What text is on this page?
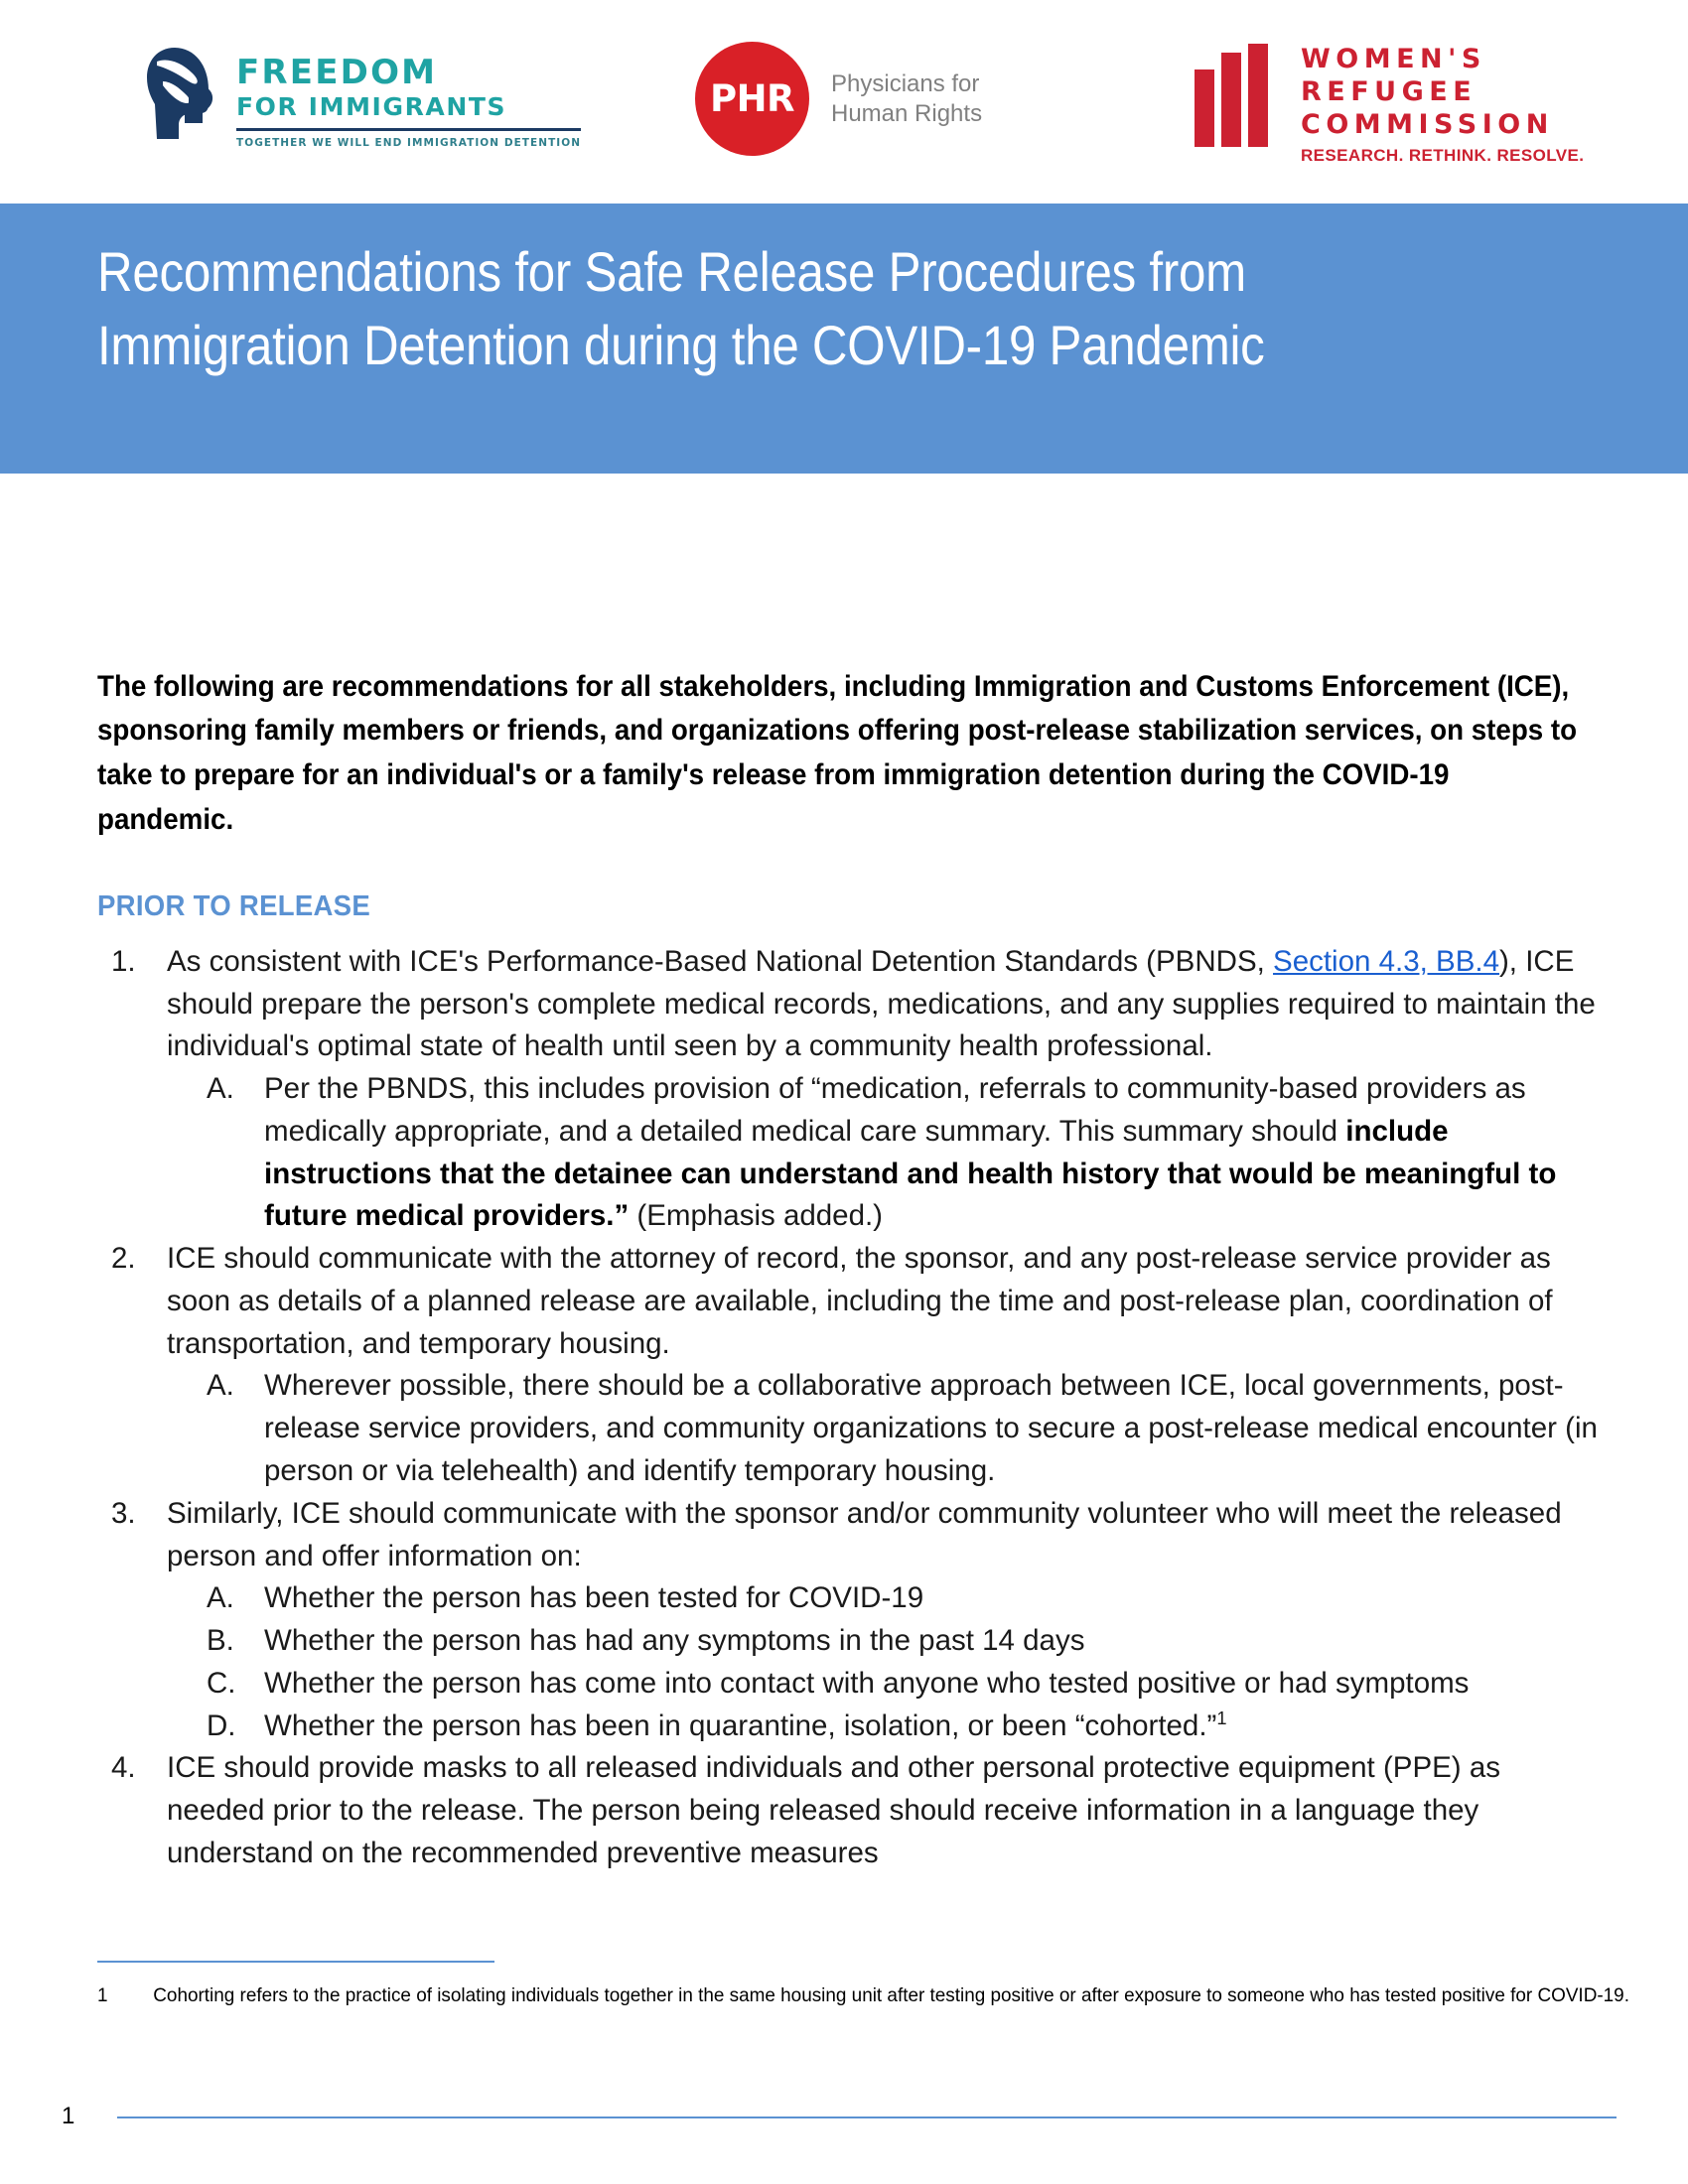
FREEDOM
FOR IMMIGRANTS
TOGETHER WE WILL END IMMIGRATION DETENTION
PHR Physicians for
Human Rights
WOMEN'S
REFUGEE
COMMISSION
RESEARCH. RETHINK. RESOLVE.
Recommendations for Safe Release Procedures from
Immigration Detention during the COVID-19 Pandemic

The following are recommendations for all stakeholders, including Immigration and Customs Enforcement (ICE), sponsoring family members or friends, and organizations offering post-release stabilization services, on steps to take to prepare for an individual's or a family's release from immigration detention during the COVID-19 pandemic.

PRIOR TO RELEASE
1.	As consistent with ICE's Performance-Based National Detention Standards (PBNDS, Section 4.3, BB.4), ICE should prepare the person's complete medical records, medications, and any supplies required to maintain the individual's optimal state of health until seen by a community health professional.
A.	Per the PBNDS, this includes provision of “medication, referrals to community-based providers as medically appropriate, and a detailed medical care summary. This summary should include instructions that the detainee can understand and health history that would be meaningful to future medical providers.” (Emphasis added.)
2.	ICE should communicate with the attorney of record, the sponsor, and any post-release service provider as soon as details of a planned release are available, including the time and post-release plan, coordination of transportation, and temporary housing.
A.	Wherever possible, there should be a collaborative approach between ICE, local governments, post-release service providers, and community organizations to secure a post-release medical encounter (in person or via telehealth) and identify temporary housing.
3.	Similarly, ICE should communicate with the sponsor and/or community volunteer who will meet the released person and offer information on:
A.	Whether the person has been tested for COVID-19
B.	Whether the person has had any symptoms in the past 14 days
C. Whether the person has come into contact with anyone who tested positive or had symptoms
D. Whether the person has been in quarantine, isolation, or been “cohorted.”$^1$
4.	ICE should provide masks to all released individuals and other personal protective equipment (PPE) as needed prior to the release. The person being released should receive information in a language they understand on the recommended preventive measures
1 Cohorting refers to the practice of isolating individuals together in the same housing unit after testing positive or after exposure to someone who has tested positive for COVID-19.
1
